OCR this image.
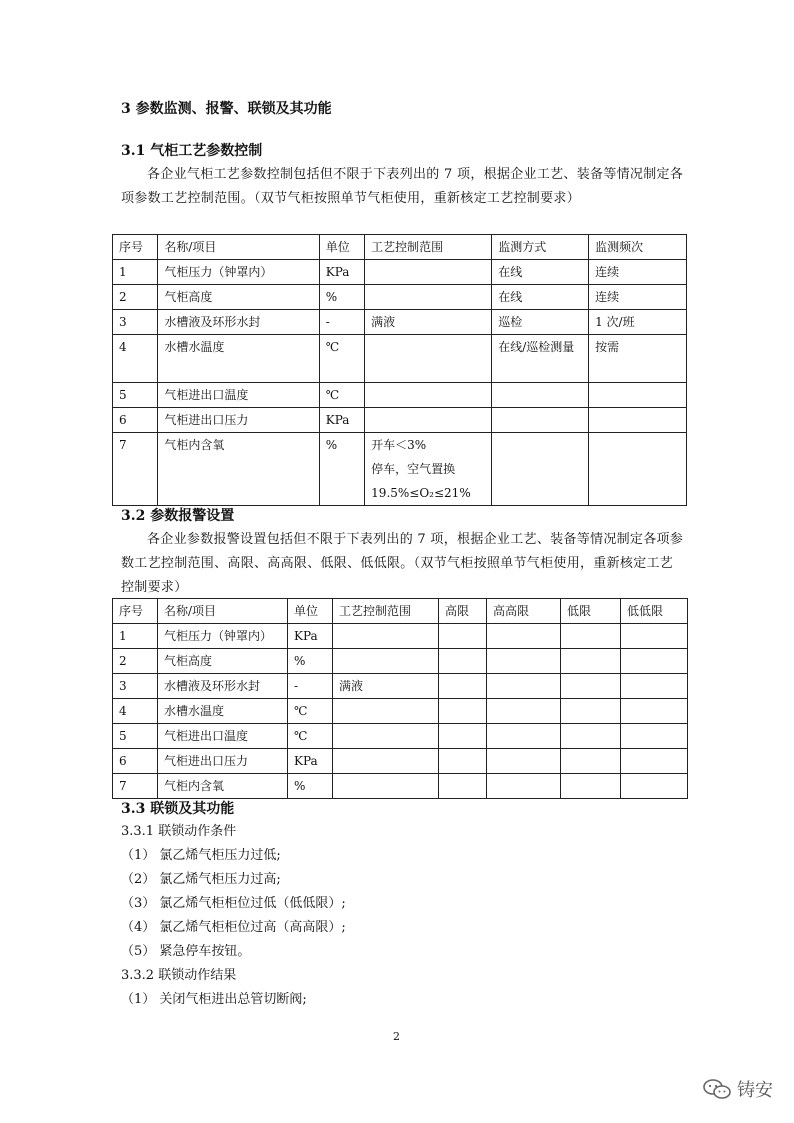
3 参数监测、报警、联锁及其功能
3.1 气柜工艺参数控制
各企业气柜工艺参数控制包括但不限于下表列出的 7 项，根据企业工艺、装备等情况制定各项参数工艺控制范围。（双节气柜按照单节气柜使用，重新核定工艺控制要求）
序号	名称/项目	单位	工艺控制范围	监测方式	监测频次
1	气柜压力（钟罩内）	KPa		在线	连续
2	气柜高度	%		在线	连续
3	水槽液及环形水封	-	满液	巡检	1 次/班
4	水槽水温度	℃		在线/巡检测量	按需
5	气柜进出口温度	℃			
6	气柜进出口压力	KPa			
7	气柜内含氧	%	开车＜3%
停车，空气置换
19.5%≤O₂≤21%		
3.2 参数报警设置
各企业参数报警设置包括但不限于下表列出的 7 项，根据企业工艺、装备等情况制定各项参数工艺控制范围、高限、高高限、低限、低低限。（双节气柜按照单节气柜使用，重新核定工艺控制要求）
序号	名称/项目	单位	工艺控制范围	高限	高高限	低限	低低限
1	气柜压力（钟罩内）	KPa					
2	气柜高度	%					
3	水槽液及环形水封	-	满液				
4	水槽水温度	℃					
5	气柜进出口温度	℃					
6	气柜进出口压力	KPa					
7	气柜内含氧	%					
3.3 联锁及其功能
3.3.1 联锁动作条件
（1） 氯乙烯气柜压力过低;
（2） 氯乙烯气柜压力过高;
（3） 氯乙烯气柜柜位过低（低低限）;
（4） 氯乙烯气柜柜位过高（高高限）;
（5） 紧急停车按钮。
3.3.2 联锁动作结果
（1） 关闭气柜进出总管切断阀;
2
铸安
